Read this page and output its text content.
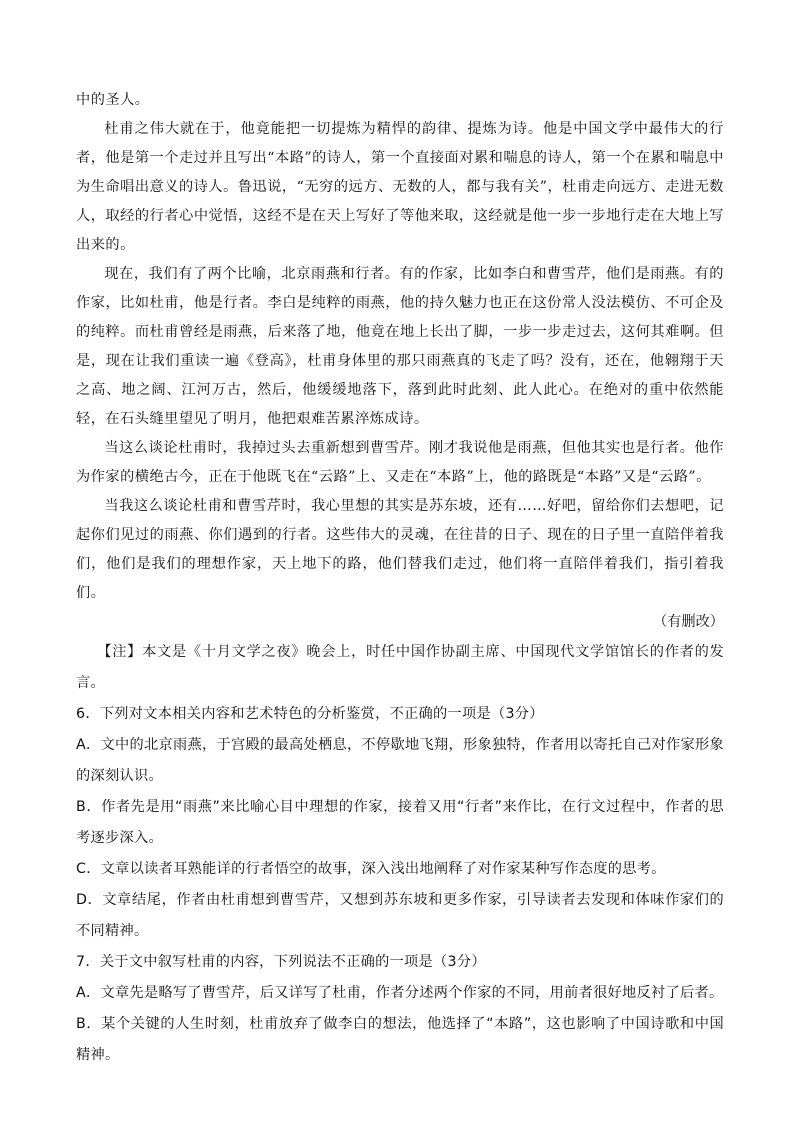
中的圣人。

杜甫之伟大就在于，他竟能把一切提炼为精悍的韵律、提炼为诗。他是中国文学中最伟大的行者，他是第一个走过并且写出“本路”的诗人，第一个直接面对累和喘息的诗人，第一个在累和喘息中为生命唱出意义的诗人。鲁迅说，“无穷的远方、无数的人，都与我有关”，杜甫走向远方、走进无数人，取经的行者心中觉悟，这经不是在天上写好了等他来取，这经就是他一步一步地行走在大地上写出来的。

现在，我们有了两个比喻，北京雨燕和行者。有的作家，比如李白和曹雪芹，他们是雨燕。有的作家，比如杜甫，他是行者。李白是纯粹的雨燕，他的持久魅力也正在这份常人没法模仿、不可企及的纯粹。而杜甫曾经是雨燕，后来落了地，他竟在地上长出了脚，一步一步走过去，这何其难啊。但是，现在让我们重读一遍《登高》，杜甫身体里的那只雨燕真的飞走了吗？没有，还在，他翱翔于天之高、地之阔、江河万古，然后，他缓缓地落下，落到此时此刻、此人此心。在绝对的重中依然能轻，在石头缝里望见了明月，他把艰难苦累淬炼成诗。

当这么谈论杜甫时，我掉过头去重新想到曹雪芹。刚才我说他是雨燕，但他其实也是行者。他作为作家的横绝古今，正在于他既飞在“云路”上、又走在“本路”上，他的路既是“本路”又是“云路”。

当我这么谈论杜甫和曹雪芹时，我心里想的其实是苏东坡，还有……好吧，留给你们去想吧，记起你们见过的雨燕、你们遇到的行者。这些伟大的灵魂，在往昔的日子、现在的日子里一直陪伴着我们，他们是我们的理想作家，天上地下的路，他们替我们走过，他们将一直陪伴着我们，指引着我们。

（有删改）

【注】本文是《十月文学之夜》晚会上，时任中国作协副主席、中国现代文学馆馆长的作者的发言。

6．下列对文本相关内容和艺术特色的分析鉴赏，不正确的一项是（3分）

A．文中的北京雨燕，于宫殿的最高处栖息，不停歇地飞翔，形象独特，作者用以寄托自己对作家形象的深刻认识。

B．作者先是用“雨燕”来比喻心目中理想的作家，接着又用“行者”来作比，在行文过程中，作者的思考逐步深入。

C．文章以读者耳熟能详的行者悟空的故事，深入浅出地阐释了对作家某种写作态度的思考。

D．文章结尾，作者由杜甫想到曹雪芹，又想到苏东坡和更多作家，引导读者去发现和体味作家们的不同精神。

7．关于文中叙写杜甫的内容，下列说法不正确的一项是（3分）

A．文章先是略写了曹雪芹，后又详写了杜甫，作者分述两个作家的不同，用前者很好地反衬了后者。

B．某个关键的人生时刻，杜甫放弃了做李白的想法，他选择了“本路”，这也影响了中国诗歌和中国精神。
